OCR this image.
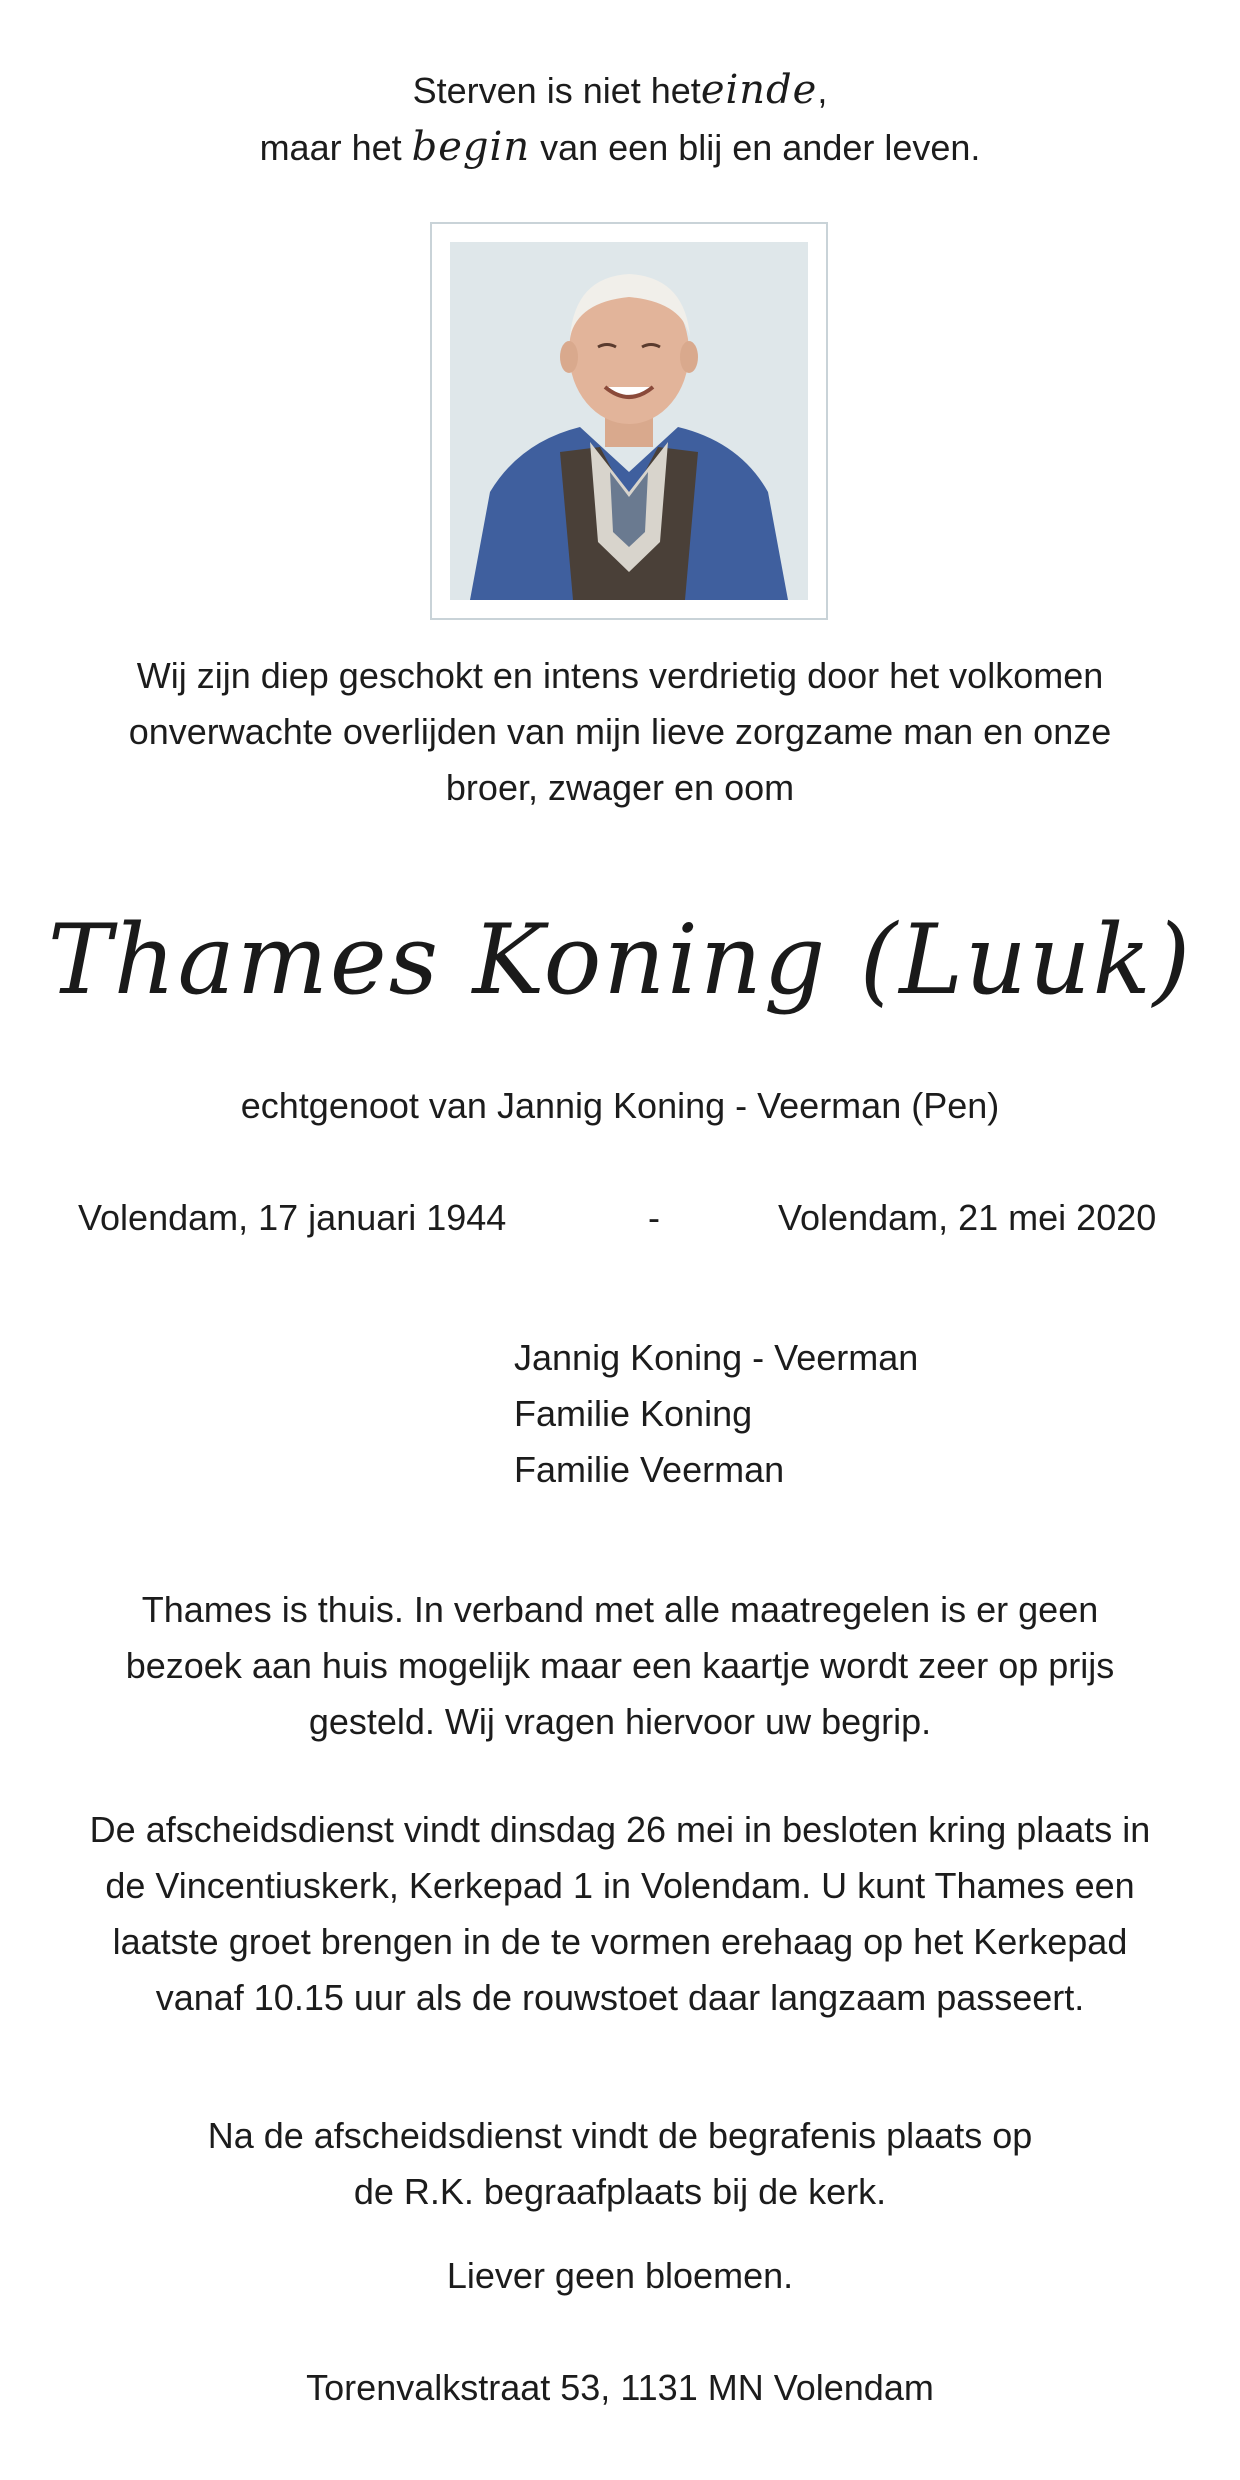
Sterven is niet heteinde,
maar het begin van een blij en ander leven.
Wij zijn diep geschokt en intens verdrietig door het volkomen
onverwachte overlijden van mijn lieve zorgzame man en onze
broer, zwager en oom
Thames Koning (Luuk)
echtgenoot van Jannig Koning - Veerman (Pen)
Volendam, 17 januari 1944	-	Volendam, 21 mei 2020
Jannig Koning - Veerman
Familie Koning
Familie Veerman
Thames is thuis. In verband met alle maatregelen is er geen
bezoek aan huis mogelijk maar een kaartje wordt zeer op prijs
gesteld. Wij vragen hiervoor uw begrip.
De afscheidsdienst vindt dinsdag 26 mei in besloten kring plaats in
de Vincentiuskerk, Kerkepad 1 in Volendam. U kunt Thames een
laatste groet brengen in de te vormen erehaag op het Kerkepad
vanaf 10.15 uur als de rouwstoet daar langzaam passeert.
Na de afscheidsdienst vindt de begrafenis plaats op
de R.K. begraafplaats bij de kerk.
Liever geen bloemen.
Torenvalkstraat 53, 1131 MN Volendam
